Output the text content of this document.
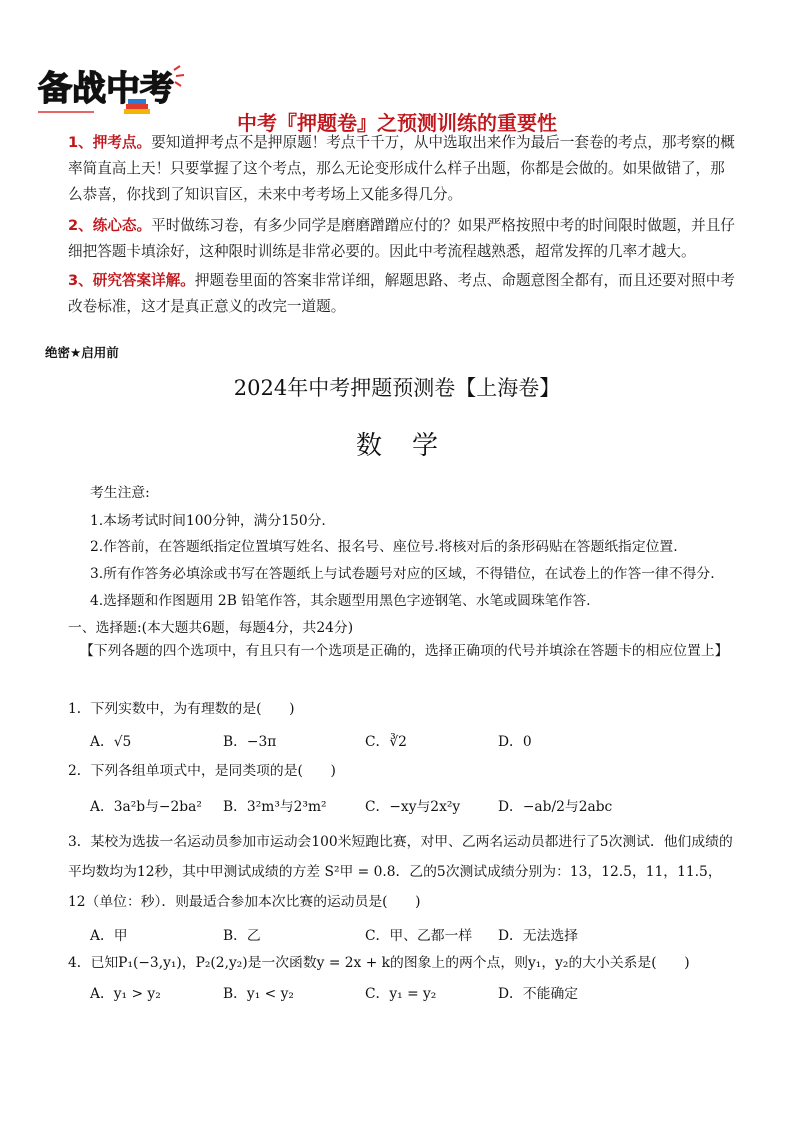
备战中考
中考『押题卷』之预测训练的重要性
1、押考点。要知道押考点不是押原题！考点千千万，从中选取出来作为最后一套卷的考点，那考察的概率简直高上天！只要掌握了这个考点，那么无论变形成什么样子出题，你都是会做的。如果做错了，那么恭喜，你找到了知识盲区，未来中考考场上又能多得几分。
2、练心态。平时做练习卷，有多少同学是磨磨蹭蹭应付的？如果严格按照中考的时间限时做题，并且仔细把答题卡填涂好，这种限时训练是非常必要的。因此中考流程越熟悉，超常发挥的几率才越大。
3、研究答案详解。押题卷里面的答案非常详细，解题思路、考点、命题意图全都有，而且还要对照中考改卷标准，这才是真正意义的改完一道题。
绝密★启用前
2024年中考押题预测卷【上海卷】
数学
考生注意:
1.本场考试时间100分钟，满分150分.
2.作答前，在答题纸指定位置填写姓名、报名号、座位号.将核对后的条形码贴在答题纸指定位置.
3.所有作答务必填涂或书写在答题纸上与试卷题号对应的区域，不得错位，在试卷上的作答一律不得分.
4.选择题和作图题用 2B 铅笔作答，其余题型用黑色字迹钢笔、水笔或圆珠笔作答.
一、选择题:(本大题共6题，每题4分，共24分)
【下列各题的四个选项中，有且只有一个选项是正确的，选择正确项的代号并填涂在答题卡的相应位置上】
1．下列实数中，为有理数的是(　　)
A．√5	B．−3π	C．∛2	D．0
2．下列各组单项式中，是同类项的是(　　)
A．3a²b与−2ba² B．3²m³与2³m²	C．−xy与2x²y	D．−ab/2与2abc
3．某校为选拔一名运动员参加市运动会100米短跑比赛，对甲、乙两名运动员都进行了5次测试．他们成绩的平均数均为12秒，其中甲测试成绩的方差 S²甲 = 0.8．乙的5次测试成绩分别为：13，12.5，11，11.5，12（单位：秒）．则最适合参加本次比赛的运动员是(　　)
A．甲	B．乙	C．甲、乙都一样 D．无法选择
4．已知P₁(−3,y₁)，P₂(2,y₂)是一次函数y = 2x + k的图象上的两个点，则y₁，y₂的大小关系是(　　)
A．y₁ > y₂	B．y₁ < y₂	C．y₁ = y₂	D．不能确定
